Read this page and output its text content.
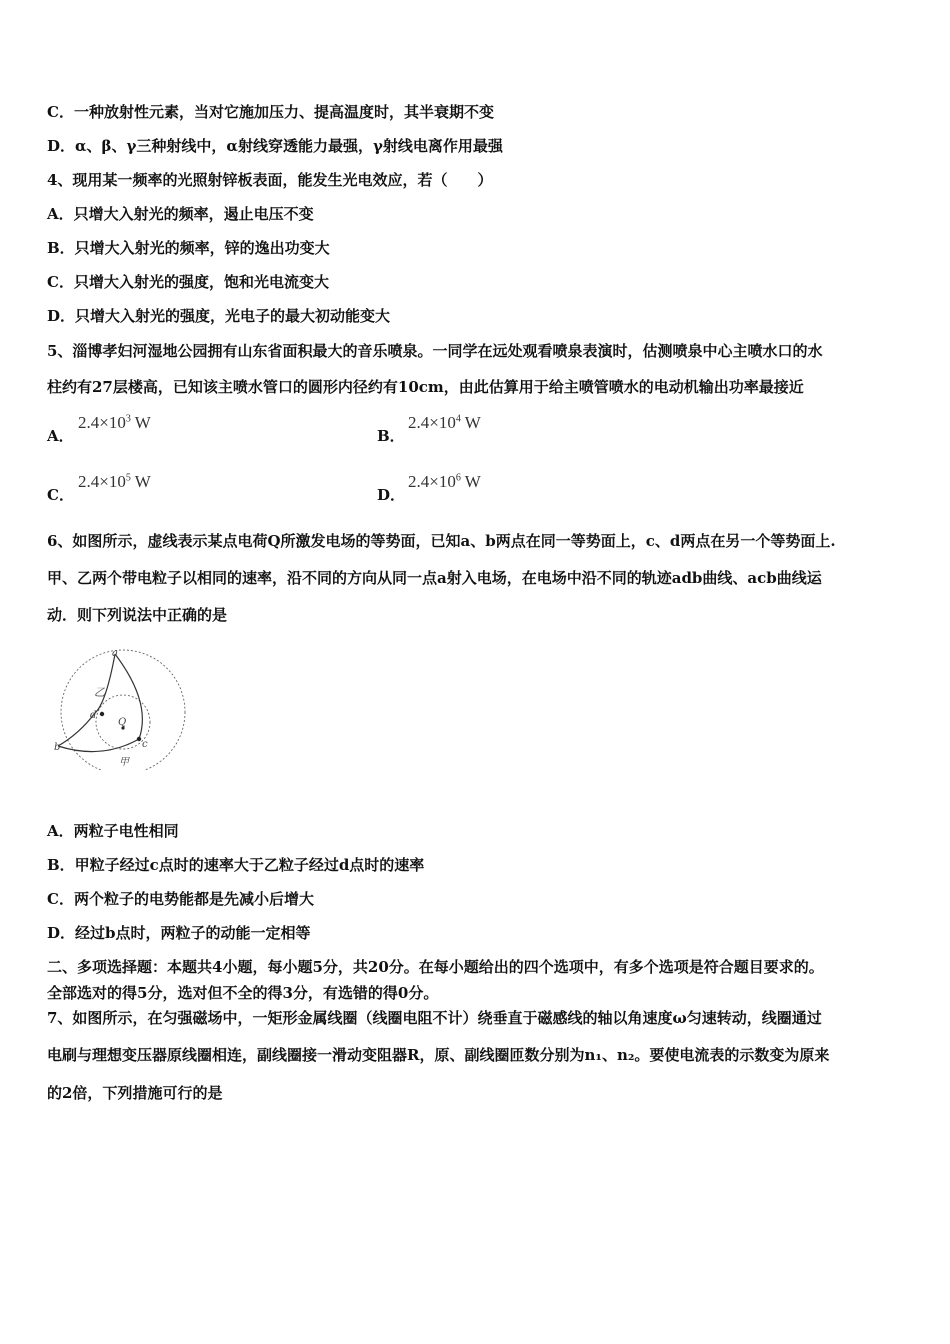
C．一种放射性元素，当对它施加压力、提高温度时，其半衰期不变
D．α、β、γ三种射线中，α射线穿透能力最强，γ射线电离作用最强
4、现用某一频率的光照射锌板表面，能发生光电效应，若（　　）
A．只增大入射光的频率，遏止电压不变
B．只增大入射光的频率，锌的逸出功变大
C．只增大入射光的强度，饱和光电流变大
D．只增大入射光的强度，光电子的最大初动能变大
5、淄博孝妇河湿地公园拥有山东省面积最大的音乐喷泉。一同学在远处观看喷泉表演时，估测喷泉中心主喷水口的水
柱约有27层楼高，已知该主喷水管口的圆形内径约有10cm，由此估算用于给主喷管喷水的电动机输出功率最接近
A．
$2.4\times 10^3$ W
B．
$2.4\times 10^4$ W
C．
$2.4\times 10^5$ W
D．
$2.4\times 10^6$ W
6、如图所示，虚线表示某点电荷Q所激发电场的等势面，已知a、b两点在同一等势面上，c、d两点在另一个等势面上.
甲、乙两个带电粒子以相同的速率，沿不同的方向从同一点a射入电场，在电场中沿不同的轨迹adb曲线、acb曲线运
动．则下列说法中正确的是
a
b	c
d
Q
乙
甲
A．两粒子电性相同
B．甲粒子经过c点时的速率大于乙粒子经过d点时的速率
C．两个粒子的电势能都是先减小后增大
D．经过b点时，两粒子的动能一定相等
二、多项选择题：本题共4小题，每小题5分，共20分。在每小题给出的四个选项中，有多个选项是符合题目要求的。
全部选对的得5分，选对但不全的得3分，有选错的得0分。
7、如图所示，在匀强磁场中，一矩形金属线圈（线圈电阻不计）绕垂直于磁感线的轴以角速度ω匀速转动，线圈通过
电刷与理想变压器原线圈相连，副线圈接一滑动变阻器R，原、副线圈匝数分别为n₁、n₂。要使电流表的示数变为原来
的2倍，下列措施可行的是
